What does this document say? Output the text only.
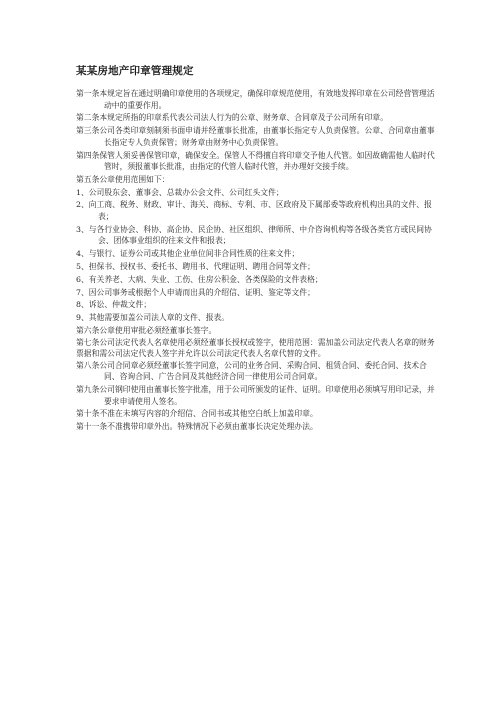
某某房地产印章管理规定

第一条本规定旨在通过明确印章使用的各项规定，确保印章规范使用，有效地发挥印章在公司经营管理活动中的重要作用。

第二条本规定所指的印章系代表公司法人行为的公章、财务章、合同章及子公司所有印章。

第三条公司各类印章刻制须书面申请并经董事长批准，由董事长指定专人负责保管。公章、合同章由董事长指定专人负责保管；财务章由财务中心负责保管。

第四条保管人须妥善保管印章，确保安全。保管人不得擅自将印章交予他人代管。如因故确需他人临时代管时，须报董事长批准，由指定的代管人临时代管，并办理好交接手续。

第五条公章使用范围如下：

1、公司股东会、董事会、总裁办公会文件、公司红头文件；

2、向工商、税务、财政、审计、海关、商标、专利、市、区政府及下属部委等政府机构出具的文件、报表；

3、与各行业协会、科协、高企协、民企协、社区组织、律师所、中介咨询机构等各级各类官方或民间协会、团体事业组织的往来文件和报表；

4、与银行、证券公司或其他企业单位间非合同性质的往来文件；

5、担保书、授权书、委托书、聘用书、代理证明、聘用合同等文件；

6、有关养老、大病、失业、工伤、住房公积金、各类保险的文件表格；

7、因公司事务或根据个人申请而出具的介绍信、证明、鉴定等文件；

8、诉讼、仲裁文件；

9、其他需要加盖公司法人章的文件、报表。

第六条公章使用审批必须经董事长签字。

第七条公司法定代表人名章使用必须经董事长授权或签字，使用范围：需加盖公司法定代表人名章的财务票据和需公司法定代表人签字并允许以公司法定代表人名章代替的文件。

第八条公司合同章必须经董事长签字同意，公司的业务合同、采购合同、租赁合同、委托合同、技术合同、咨询合同、广告合同及其他经济合同一律使用公司合同章。

第九条公司钢印使用由董事长签字批准，用于公司所颁发的证件、证明。印章使用必须填写用印记录，并要求申请使用人签名。

第十条不准在未填写内容的介绍信、合同书或其他空白纸上加盖印章。

第十一条不准携带印章外出。特殊情况下必须由董事长决定处理办法。
